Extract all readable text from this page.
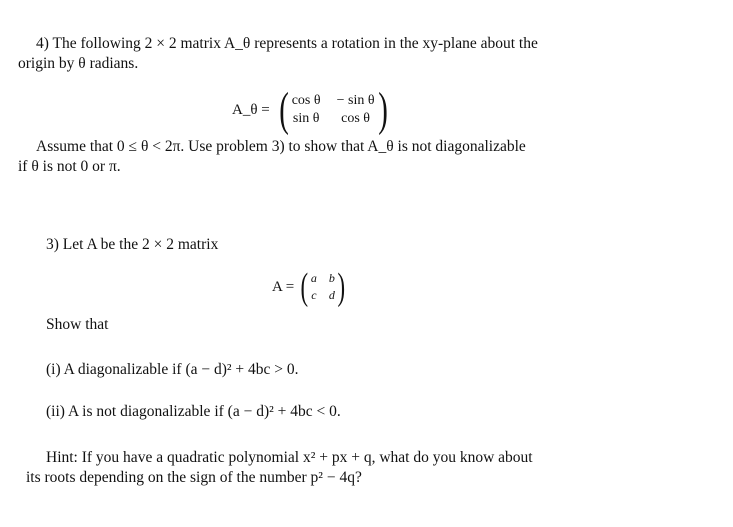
4) The following 2 × 2 matrix A_θ represents a rotation in the xy-plane about the
origin by θ radians.
A_θ = ( cos θ − sin θ
sin θ	cos θ )
Assume that 0 ≤ θ < 2π. Use problem 3) to show that A_θ is not diagonalizable
if θ is not 0 or π.
3) Let A be the 2 × 2 matrix
A = ( a b
c d )
Show that
(i) A diagonalizable if (a − d)² + 4bc > 0.
(ii) A is not diagonalizable if (a − d)² + 4bc < 0.
Hint: If you have a quadratic polynomial x² + px + q, what do you know about
its roots depending on the sign of the number p² − 4q?
